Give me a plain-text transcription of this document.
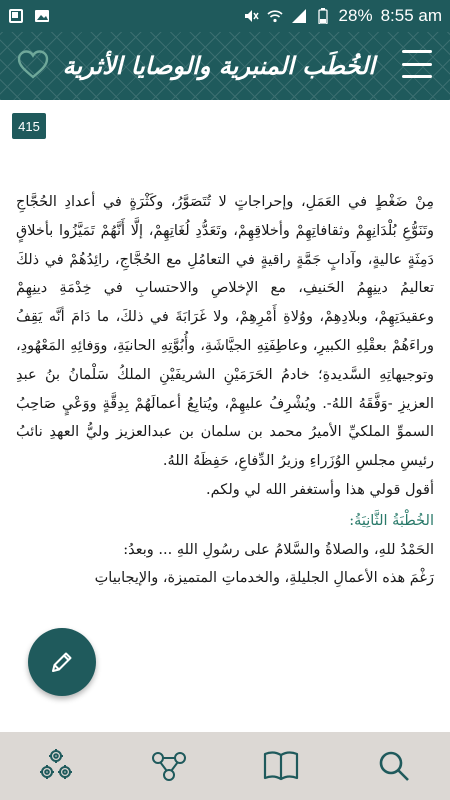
28% 8:55 am
الخُطَب المنبرية والوصايا الأثرية
415

مِنْ ضَغْطٍ في العَمَلِ، وإحراجاتٍ لا تُتَصَوَّرُ، وكَثْرَةٍ في أعدادِ الحُجَّاجِ وتَنَوُّعِ بُلْدَانِهِمْ وثقافاتِهِمْ وأخلاقِهِمْ، وتَعَدُّدِ لُغَاتِهِمْ، إلَّا أَنَّهُمْ تَمَيَّزُوا بأخلاقٍ دَمِثَةٍ عاليةٍ، وآدابٍ جَمَّةٍ راقيةٍ في التعامُلِ مع الحُجَّاجِ، رائِدُهُمْ في ذلكَ تعاليمُ دينِهِمُ الحَنيفِ، مع الإخلاصِ والاحتسابِ في خِدْمَةِ دينِهِمْ وعقيدَتِهِمْ، وبلادِهِمْ، ووُلاةِ أَمْرِهِمْ، ولا غَرَابَةَ في ذلكَ، ما دَامَ أنَّه يَقِفُ وراءَهُمْ بعقْلِهِ الكبيرِ، وعاطِفَتِهِ الجيَّاشَةِ، وأُبُوَّتِهِ الحانيَةِ، ووَفائِهِ المَعْهُودِ، وتوجيهاتِهِ السَّديدةِ؛ خادمُ الحَرَمَيْنِ الشريفَيْنِ الملكُ سَلْمانُ بنُ عبدِ العزيزِ -وَفَّقَهُ اللهُ-. ويُشْرِفُ عليهِمْ، ويُتابِعُ أعمالَهُمْ بِدِقَّةٍ ووَعْيٍ صَاحِبُ السموِّ الملكيِّ الأميرُ محمد بن سلمان بن عبدالعزيز وليُّ العهدِ نائبُ رئيسِ مجلسِ الوُزَراءِ وزيرُ الدِّفاعِ، حَفِظَهُ اللهُ.

أقول قولي هذا وأستغفر الله لي ولكم.

الخُطْبَةُ الثَّانِيَةُ:

الحَمْدُ للهِ، والصلاةُ والسَّلامُ على رسُولِ اللهِ ... وبعدُ:

رَغْمَ هذه الأعمالِ الجليلةِ، والخدماتِ المتميزة، والإيجابياتِ
